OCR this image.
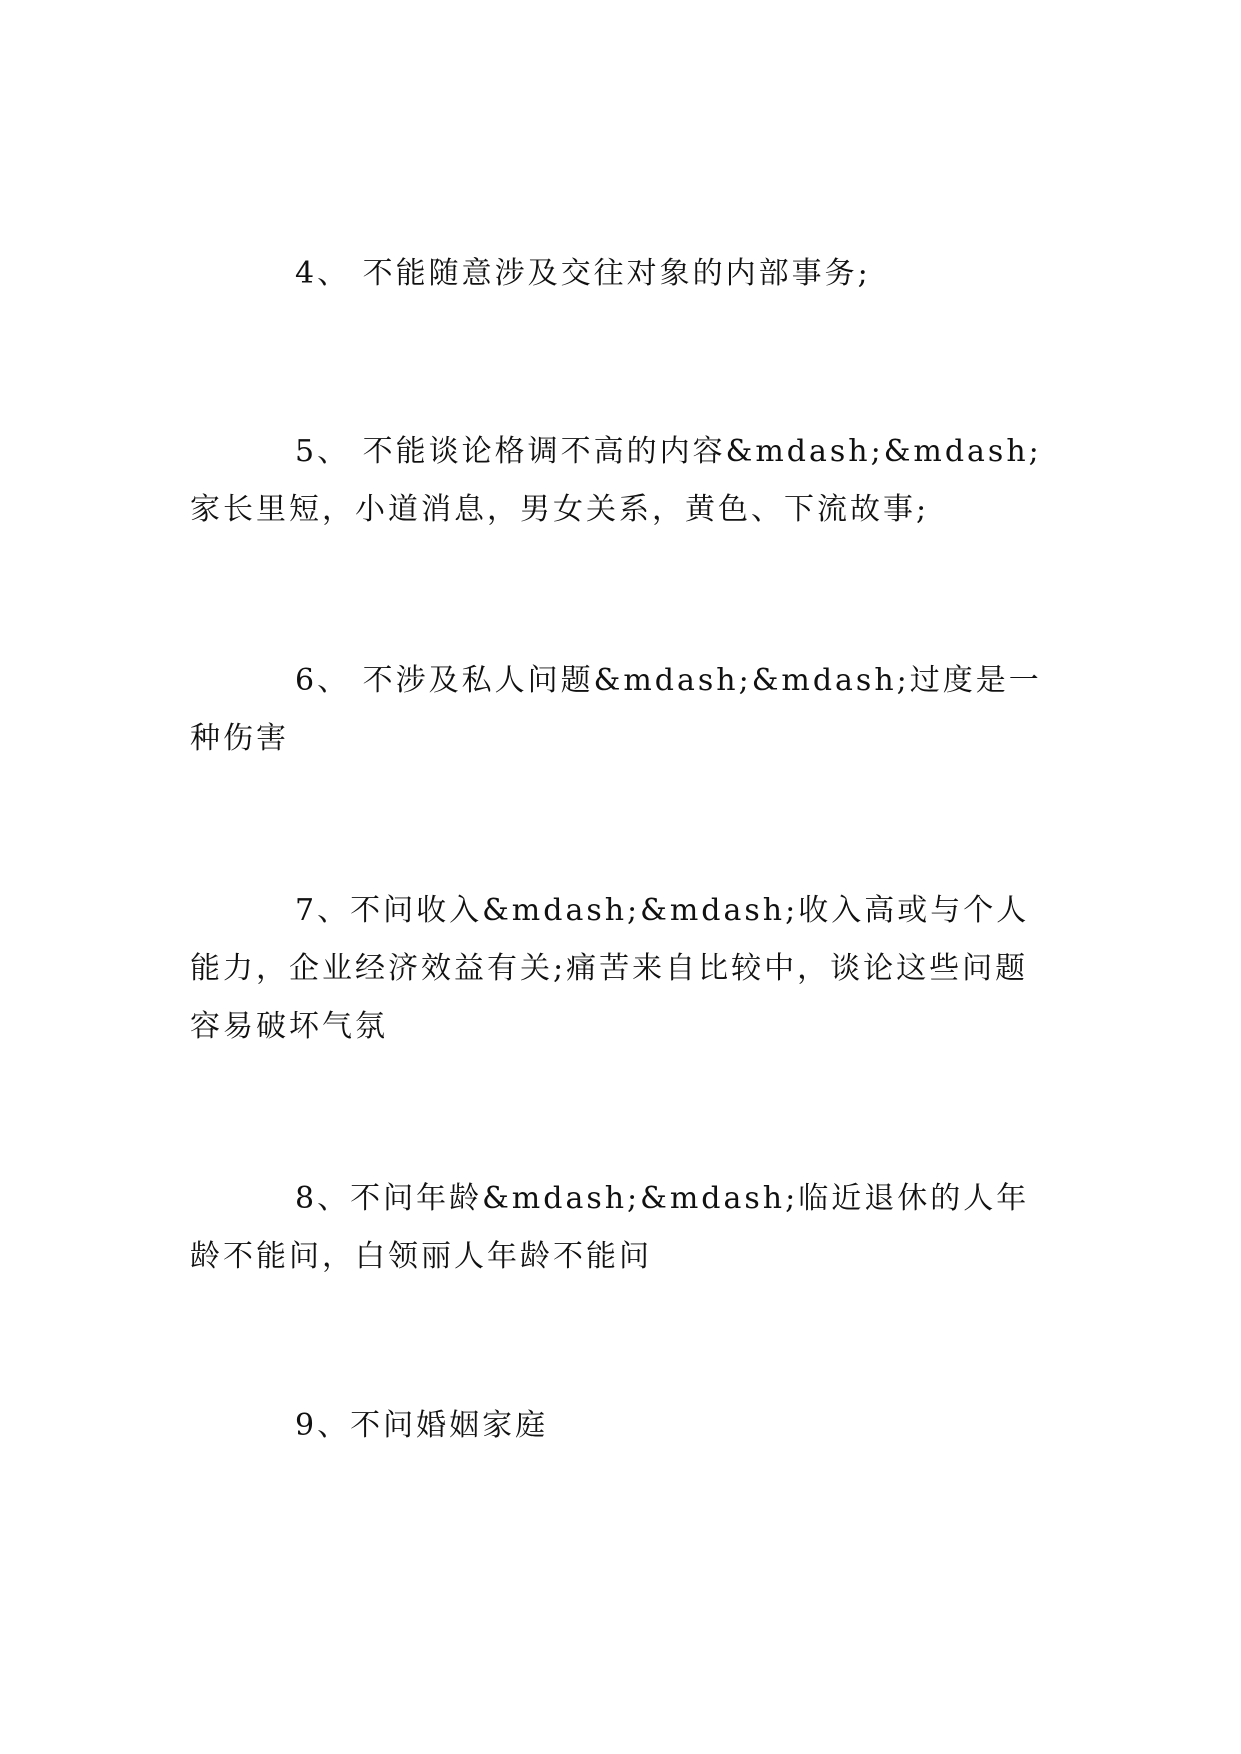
4、 不能随意涉及交往对象的内部事务;

5、 不能谈论格调不高的内容&mdash;&mdash;家长里短，小道消息，男女关系，黄色、下流故事;

6、 不涉及私人问题&mdash;&mdash;过度是一种伤害

7、不问收入&mdash;&mdash;收入高或与个人能力，企业经济效益有关;痛苦来自比较中，谈论这些问题容易破坏气氛

8、不问年龄&mdash;&mdash;临近退休的人年龄不能问，白领丽人年龄不能问

9、不问婚姻家庭
